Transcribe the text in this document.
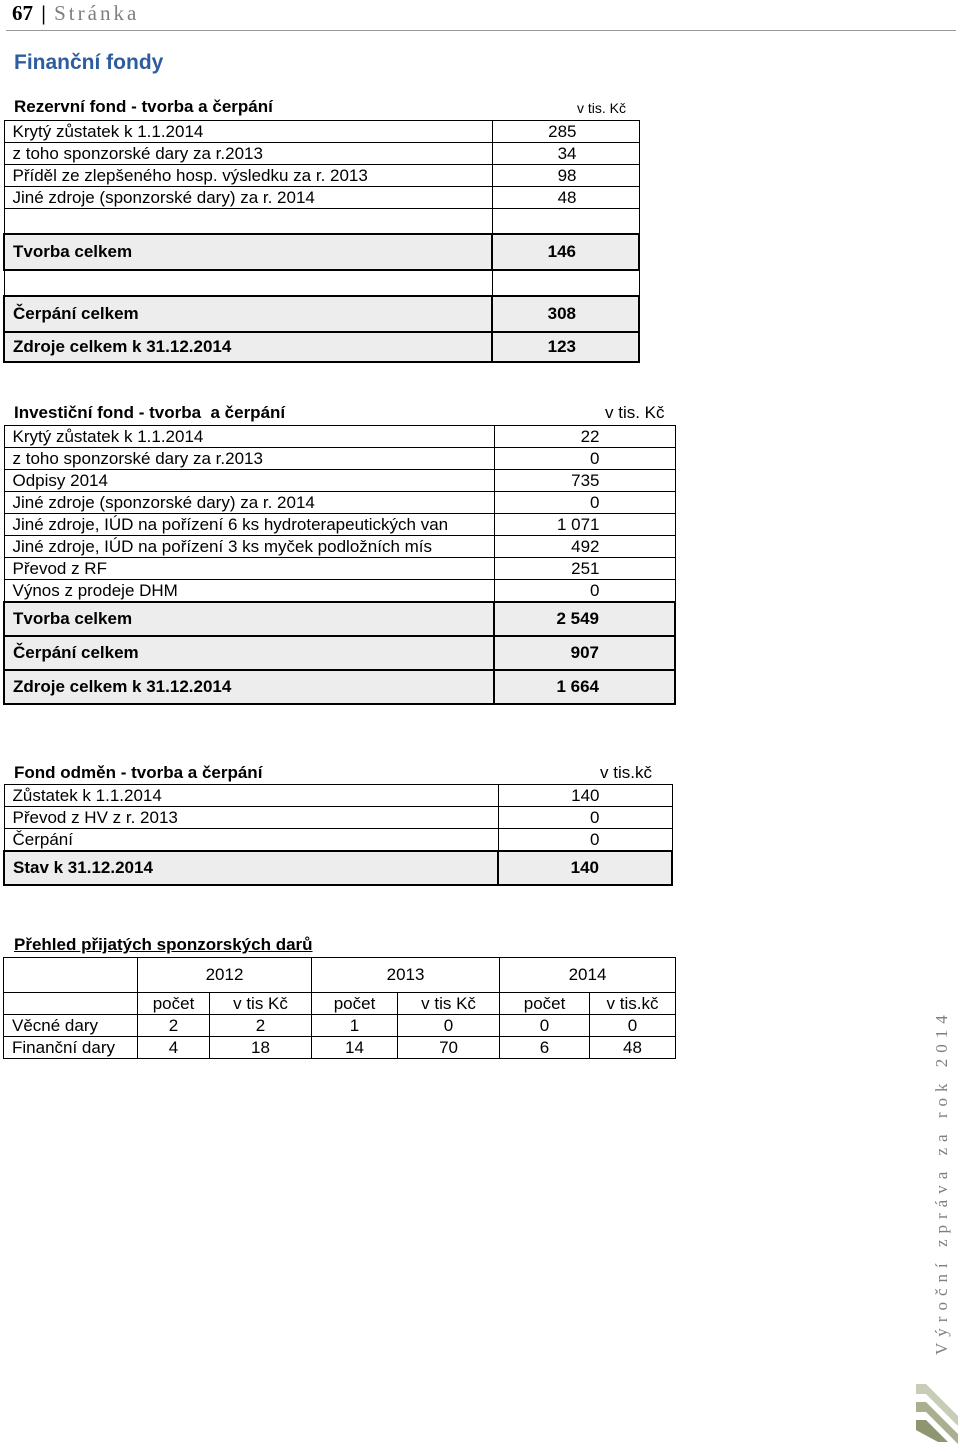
67 | Stránka
Finanční fondy
Rezervní fond - tvorba a čerpání	v tis. Kč
Krytý zůstatek k 1.1.2014	285
z toho sponzorské dary za r.2013	34
Příděl ze zlepšeného hosp. výsledku za r. 2013	98
Jiné zdroje (sponzorské dary) za r. 2014	48

Tvorba celkem	146

Čerpání celkem	308
Zdroje celkem k 31.12.2014	123
Investiční fond - tvorba  a čerpání	v tis. Kč
Krytý zůstatek k 1.1.2014	22
z toho sponzorské dary za r.2013	0
Odpisy 2014	735
Jiné zdroje (sponzorské dary) za r. 2014	0
Jiné zdroje, IÚD na pořízení 6 ks hydroterapeutických van	1 071
Jiné zdroje, IÚD na pořízení 3 ks myček podložních mís	492
Převod z RF	251
Výnos z prodeje DHM	0
Tvorba celkem	2 549
Čerpání celkem	907
Zdroje celkem k 31.12.2014	1 664
Fond odměn - tvorba a čerpání	v tis.kč
Zůstatek k 1.1.2014	140
Převod z HV z r. 2013	0
Čerpání	0
Stav k 31.12.2014	140
Přehled přijatých sponzorských darů
	2012		2013		2014	
	počet	v tis Kč	počet	v tis Kč	počet	v tis.kč
Věcné dary	2	2	1	0	0	0
Finanční dary	4	18	14	70	6	48	Výroční zpráva za rok 2014
